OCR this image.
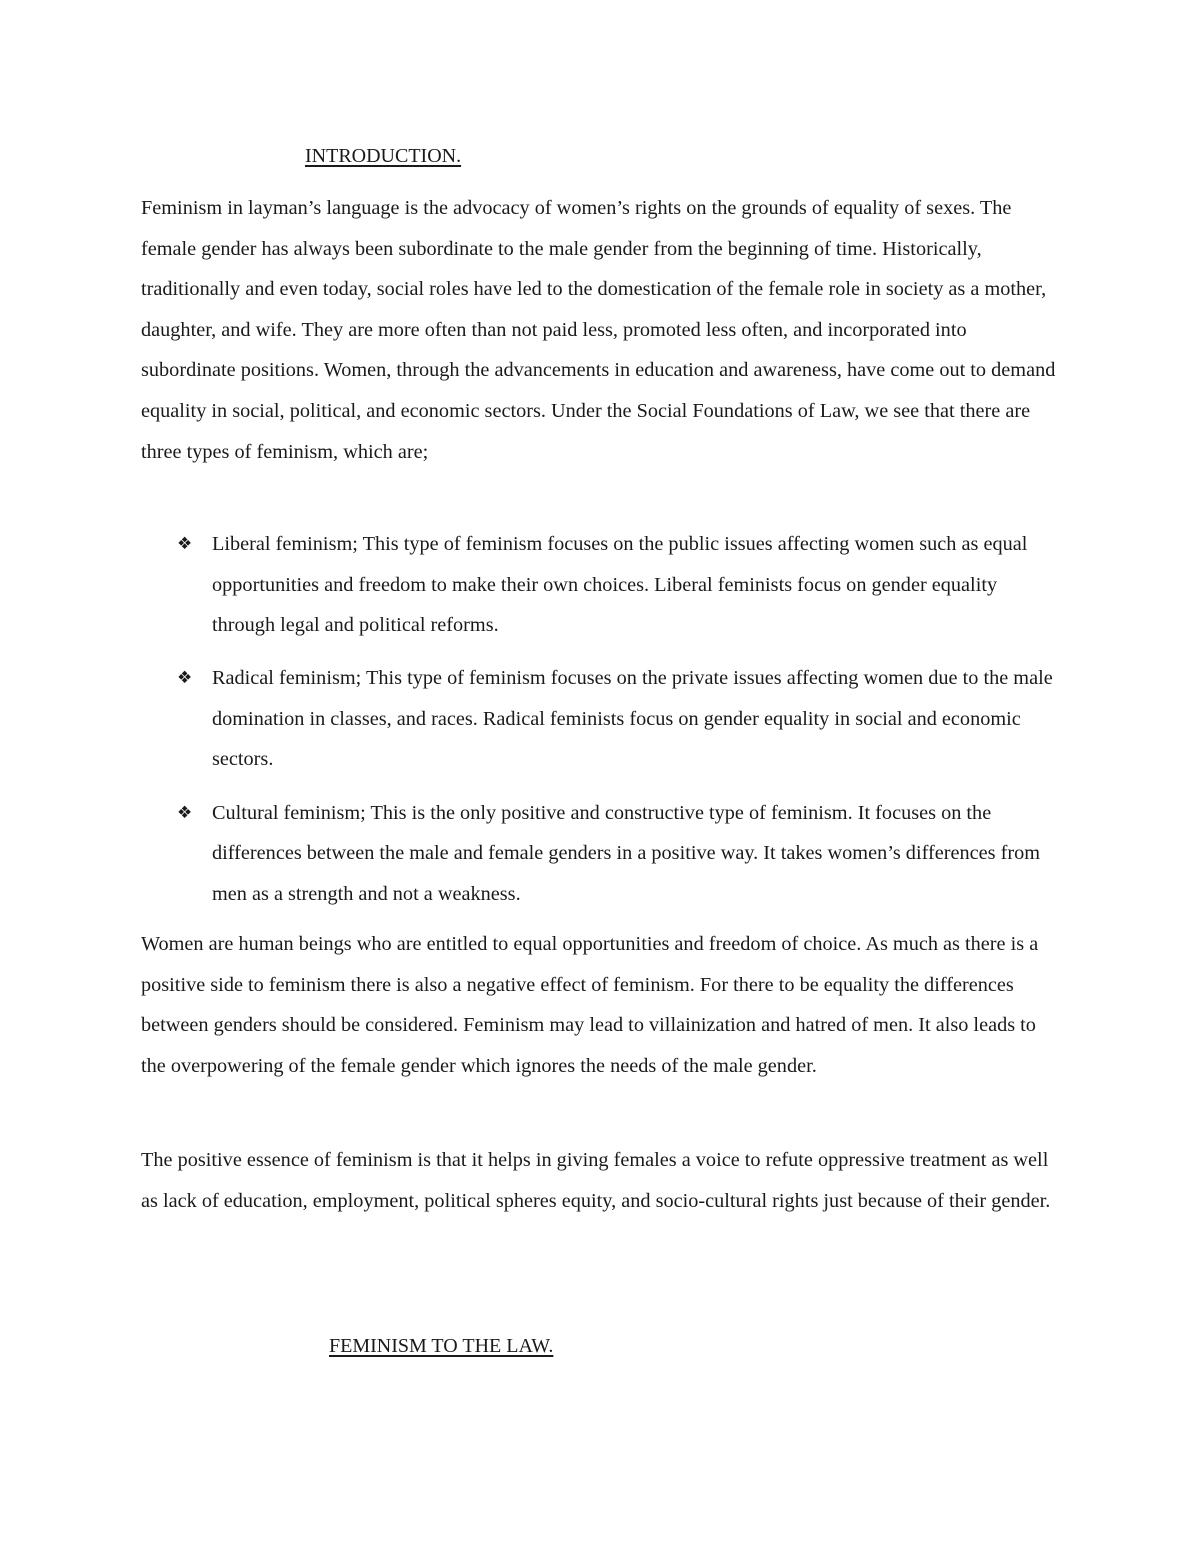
INTRODUCTION.

Feminism in layman’s language is the advocacy of women’s rights on the grounds of equality of sexes. The female gender has always been subordinate to the male gender from the beginning of time. Historically, traditionally and even today, social roles have led to the domestication of the female role in society as a mother, daughter, and wife. They are more often than not paid less, promoted less often, and incorporated into subordinate positions. Women, through the advancements in education and awareness, have come out to demand equality in social, political, and economic sectors. Under the Social Foundations of Law, we see that there are three types of feminism, which are;

❖ Liberal feminism; This type of feminism focuses on the public issues affecting women such as equal opportunities and freedom to make their own choices. Liberal feminists focus on gender equality through legal and political reforms.
❖ Radical feminism; This type of feminism focuses on the private issues affecting women due to the male domination in classes, and races. Radical feminists focus on gender equality in social and economic sectors.
❖ Cultural feminism; This is the only positive and constructive type of feminism. It focuses on the differences between the male and female genders in a positive way. It takes women’s differences from men as a strength and not a weakness.

Women are human beings who are entitled to equal opportunities and freedom of choice. As much as there is a positive side to feminism there is also a negative effect of feminism. For there to be equality the differences between genders should be considered. Feminism may lead to villainization and hatred of men. It also leads to the overpowering of the female gender which ignores the needs of the male gender.

The positive essence of feminism is that it helps in giving females a voice to refute oppressive treatment as well as lack of education, employment, political spheres equity, and socio-cultural rights just because of their gender.

FEMINISM TO THE LAW.
